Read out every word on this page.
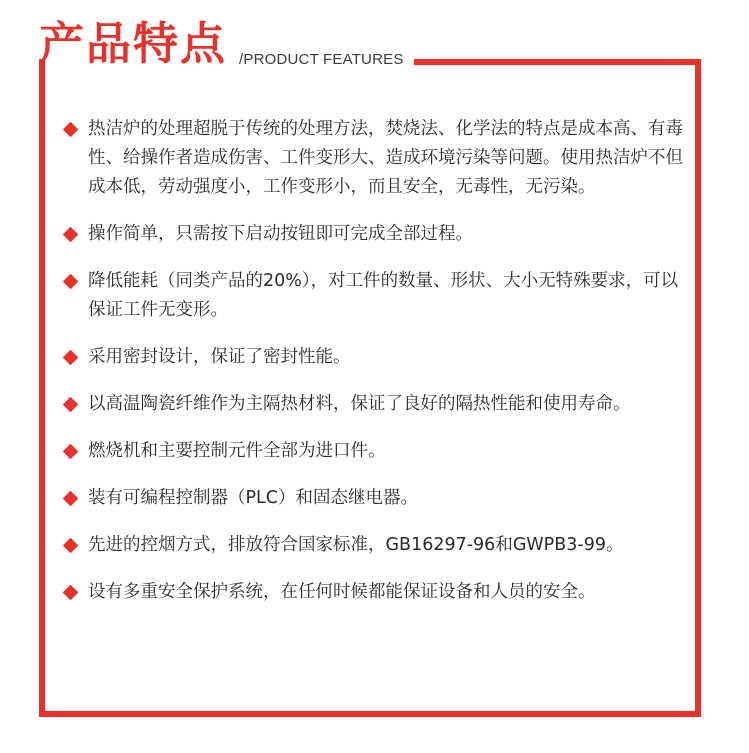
产品特点 /PRODUCT FEATURES
热洁炉的处理超脱于传统的处理方法，焚烧法、化学法的特点是成本高、有毒性、给操作者造成伤害、工件变形大、造成环境污染等问题。使用热洁炉不但成本低，劳动强度小，工作变形小，而且安全，无毒性，无污染。
操作简单，只需按下启动按钮即可完成全部过程。
降低能耗（同类产品的20%），对工件的数量、形状、大小无特殊要求，可以保证工件无变形。
采用密封设计，保证了密封性能。
以高温陶瓷纤维作为主隔热材料，保证了良好的隔热性能和使用寿命。
燃烧机和主要控制元件全部为进口件。
装有可编程控制器（PLC）和固态继电器。
先进的控烟方式，排放符合国家标准，GB16297-96和GWPB3-99。
设有多重安全保护系统，在任何时候都能保证设备和人员的安全。
